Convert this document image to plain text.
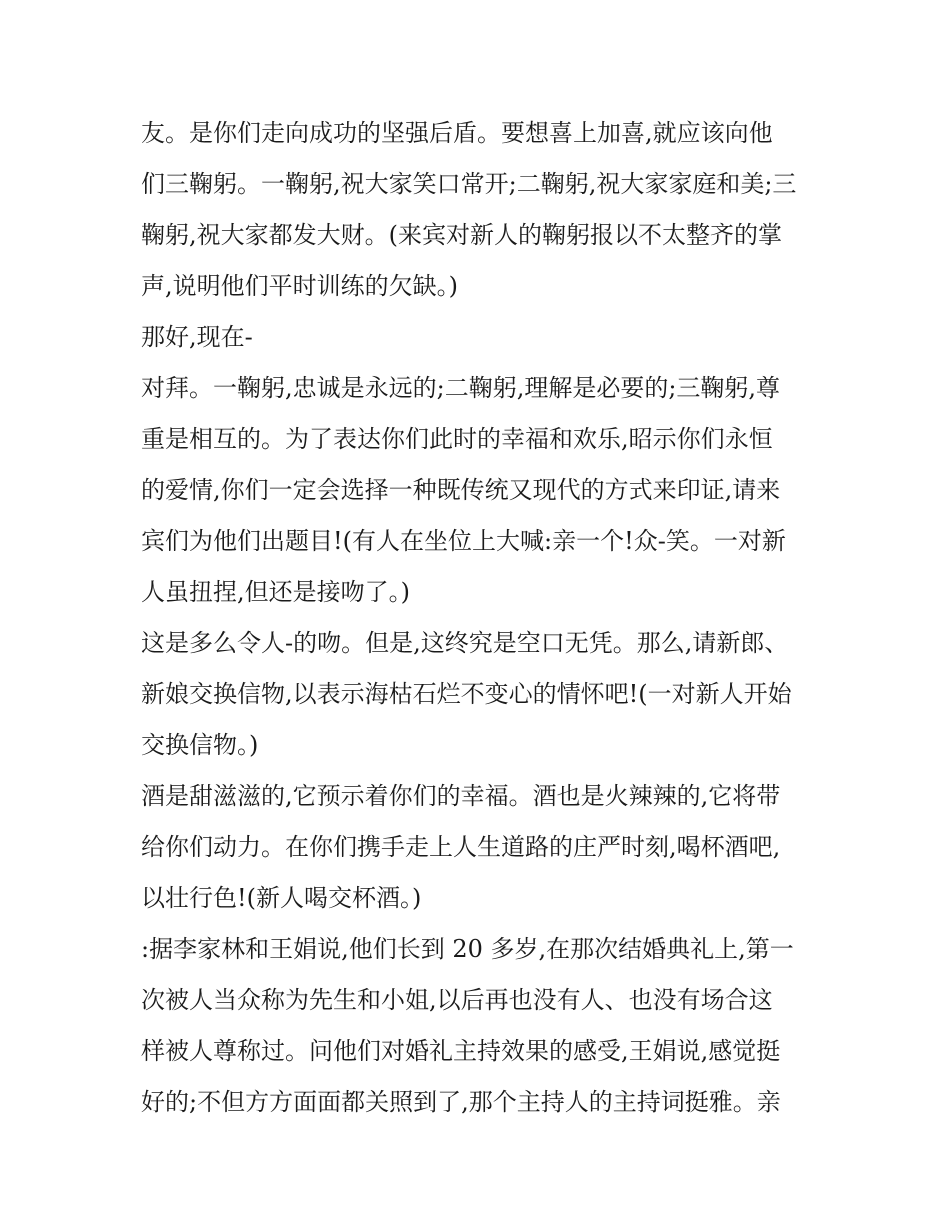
友。是你们走向成功的坚强后盾。要想喜上加喜,就应该向他
们三鞠躬。一鞠躬,祝大家笑口常开;二鞠躬,祝大家家庭和美;三
鞠躬,祝大家都发大财。(来宾对新人的鞠躬报以不太整齐的掌
声,说明他们平时训练的欠缺。)
那好,现在-
对拜。一鞠躬,忠诚是永远的;二鞠躬,理解是必要的;三鞠躬,尊
重是相互的。为了表达你们此时的幸福和欢乐,昭示你们永恒
的爱情,你们一定会选择一种既传统又现代的方式来印证,请来
宾们为他们出题目!(有人在坐位上大喊:亲一个!众-笑。一对新
人虽扭捏,但还是接吻了。)
这是多么令人-的吻。但是,这终究是空口无凭。那么,请新郎、
新娘交换信物,以表示海枯石烂不变心的情怀吧!(一对新人开始
交换信物。)
酒是甜滋滋的,它预示着你们的幸福。酒也是火辣辣的,它将带
给你们动力。在你们携手走上人生道路的庄严时刻,喝杯酒吧,
以壮行色!(新人喝交杯酒。)
:据李家林和王娟说,他们长到 20 多岁,在那次结婚典礼上,第一
次被人当众称为先生和小姐,以后再也没有人、也没有场合这
样被人尊称过。问他们对婚礼主持效果的感受,王娟说,感觉挺
好的;不但方方面面都关照到了,那个主持人的主持词挺雅。亲
